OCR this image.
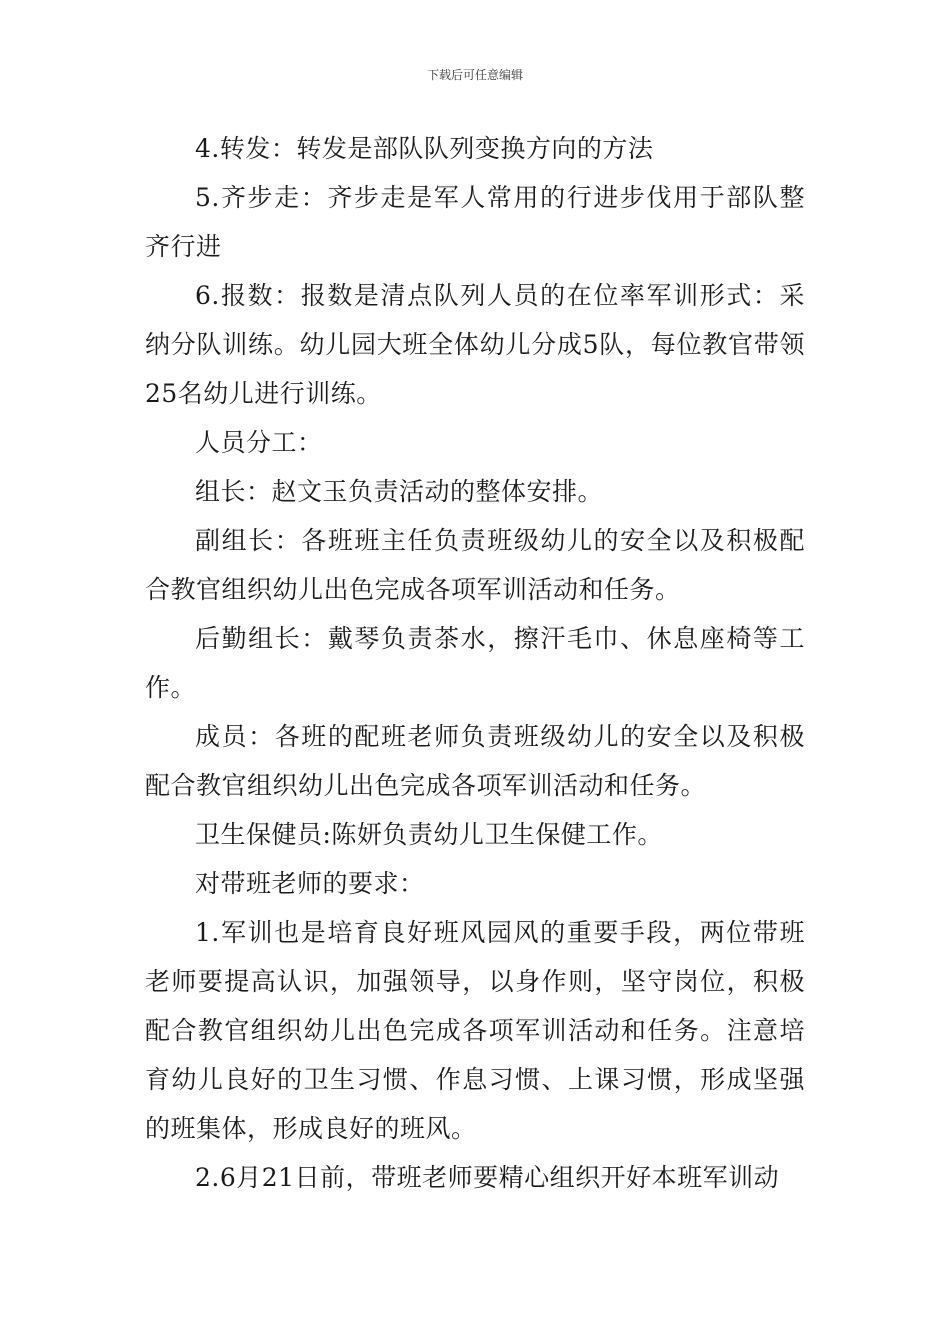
下载后可任意编辑

4.转发：转发是部队队列变换方向的方法

5.齐步走：齐步走是军人常用的行进步伐用于部队整齐行进

6.报数：报数是清点队列人员的在位率军训形式：采纳分队训练。幼儿园大班全体幼儿分成5队，每位教官带领25名幼儿进行训练。

人员分工：

组长：赵文玉负责活动的整体安排。

副组长：各班班主任负责班级幼儿的安全以及积极配合教官组织幼儿出色完成各项军训活动和任务。

后勤组长：戴琴负责茶水，擦汗毛巾、休息座椅等工作。

成员：各班的配班老师负责班级幼儿的安全以及积极配合教官组织幼儿出色完成各项军训活动和任务。

卫生保健员:陈妍负责幼儿卫生保健工作。

对带班老师的要求：

1.军训也是培育良好班风园风的重要手段，两位带班老师要提高认识，加强领导，以身作则，坚守岗位，积极配合教官组织幼儿出色完成各项军训活动和任务。注意培育幼儿良好的卫生习惯、作息习惯、上课习惯，形成坚强的班集体，形成良好的班风。

2.6月21日前，带班老师要精心组织开好本班军训动
